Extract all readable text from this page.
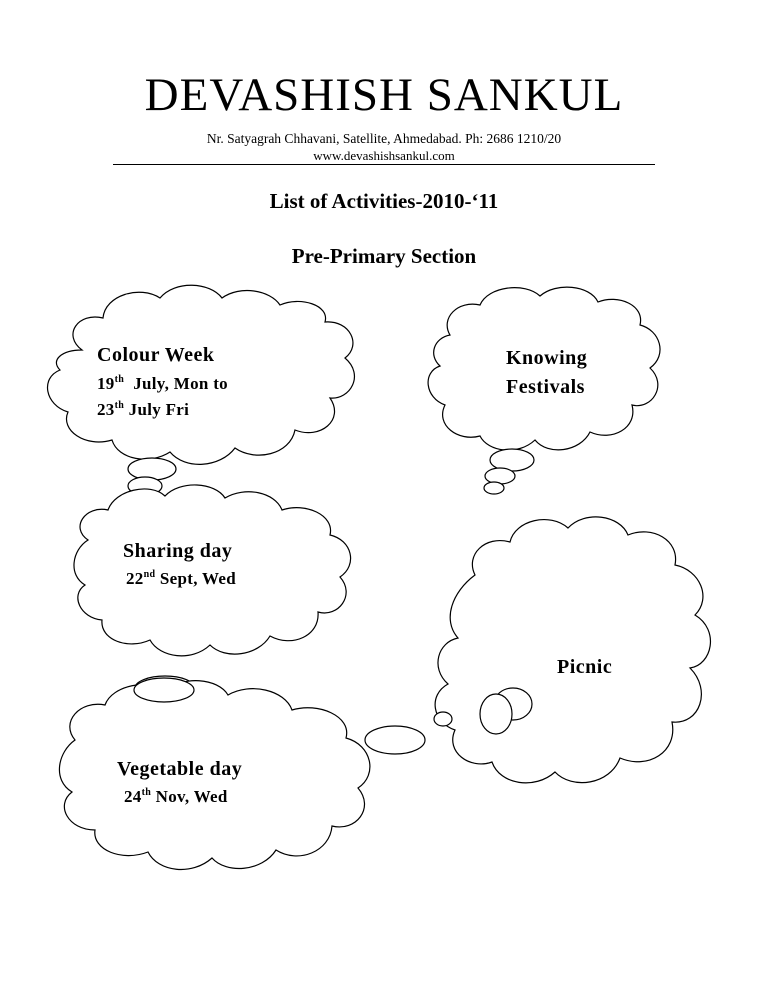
DEVASHISH SANKUL
Nr. Satyagrah Chhavani, Satellite, Ahmedabad. Ph: 2686 1210/20
www.devashishsankul.com
List of Activities-2010-‘11
Pre-Primary Section
Colour Week
19th  July, Mon to
23th July Fri
Knowing
Festivals
Sharing day
22nd Sept, Wed
Picnic
Vegetable day
24th Nov, Wed
